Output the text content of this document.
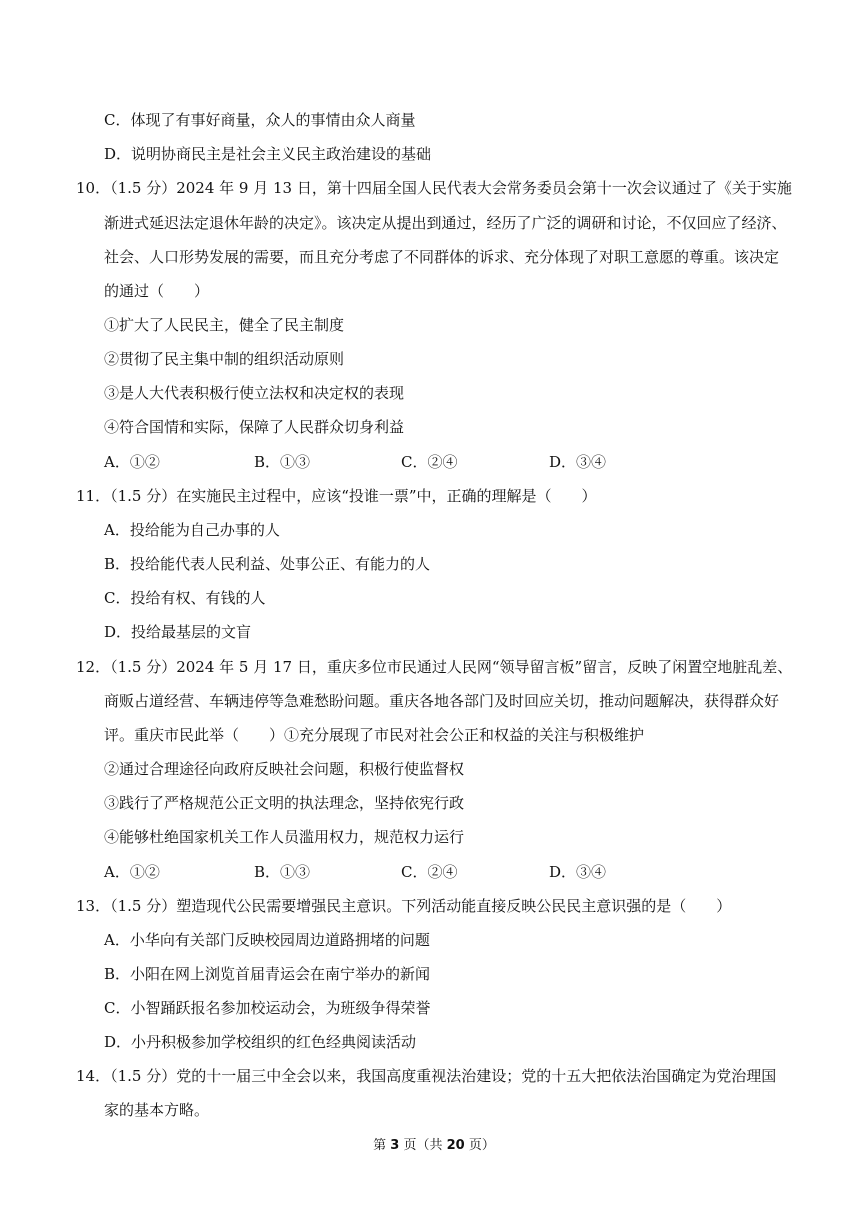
C．体现了有事好商量，众人的事情由众人商量
D．说明协商民主是社会主义民主政治建设的基础
10．（1.5 分）2024 年 9 月 13 日，第十四届全国人民代表大会常务委员会第十一次会议通过了《关于实施
渐进式延迟法定退休年龄的决定》。该决定从提出到通过，经历了广泛的调研和讨论，不仅回应了经济、
社会、人口形势发展的需要，而且充分考虑了不同群体的诉求、充分体现了对职工意愿的尊重。该决定
的通过（　　）
①扩大了人民民主，健全了民主制度
②贯彻了民主集中制的组织活动原则
③是人大代表积极行使立法权和决定权的表现
④符合国情和实际，保障了人民群众切身利益
A．①②	B．①③	C．②④	D．③④
11．（1.5 分）在实施民主过程中，应该“投谁一票”中，正确的理解是（　　）
A．投给能为自己办事的人
B．投给能代表人民利益、处事公正、有能力的人
C．投给有权、有钱的人
D．投给最基层的文盲
12．（1.5 分）2024 年 5 月 17 日，重庆多位市民通过人民网“领导留言板”留言，反映了闲置空地脏乱差、
商贩占道经营、车辆违停等急难愁盼问题。重庆各地各部门及时回应关切，推动问题解决，获得群众好
评。重庆市民此举（　　）①充分展现了市民对社会公正和权益的关注与积极维护
②通过合理途径向政府反映社会问题，积极行使监督权
③践行了严格规范公正文明的执法理念，坚持依宪行政
④能够杜绝国家机关工作人员滥用权力，规范权力运行
A．①②	B．①③	C．②④	D．③④
13．（1.5 分）塑造现代公民需要增强民主意识。下列活动能直接反映公民民主意识强的是（　　）
A．小华向有关部门反映校园周边道路拥堵的问题
B．小阳在网上浏览首届青运会在南宁举办的新闻
C．小智踊跃报名参加校运动会，为班级争得荣誉
D．小丹积极参加学校组织的红色经典阅读活动
14．（1.5 分）党的十一届三中全会以来，我国高度重视法治建设；党的十五大把依法治国确定为党治理国
家的基本方略。
第 3 页（共 20 页）
